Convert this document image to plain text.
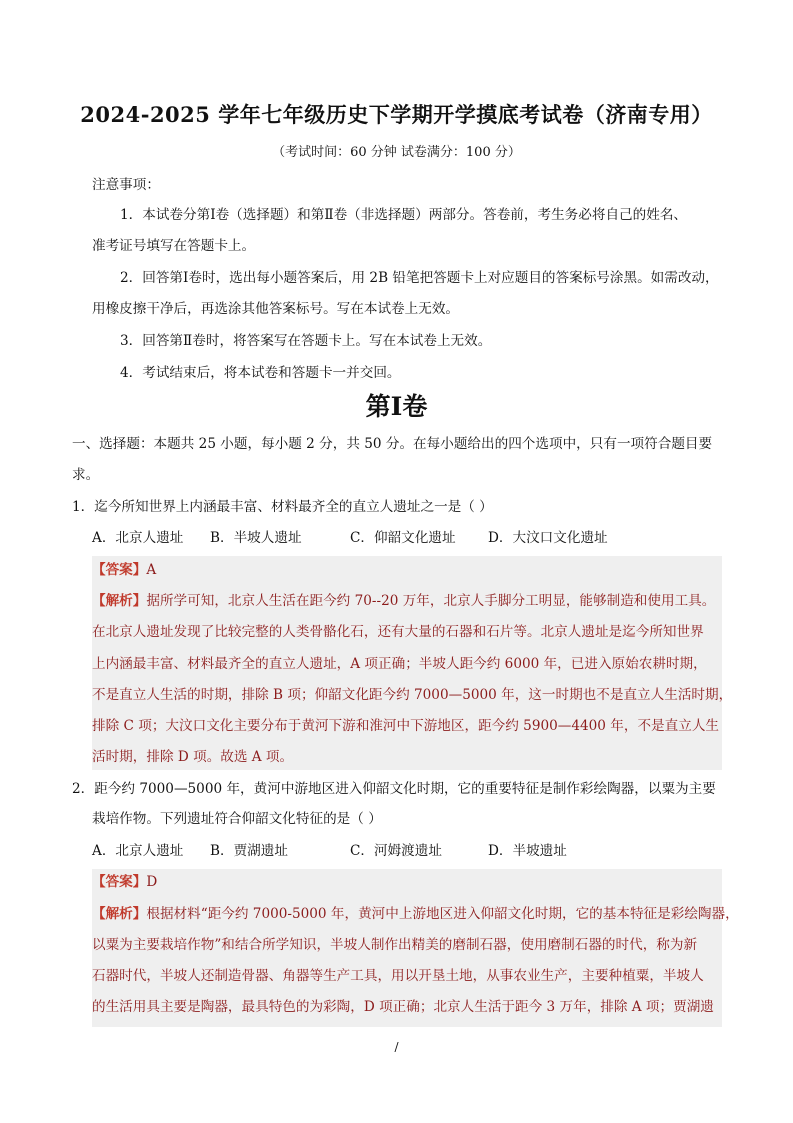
2024-2025 学年七年级历史下学期开学摸底考试卷（济南专用）
（考试时间：60 分钟 试卷满分：100 分）
注意事项：
1．本试卷分第Ⅰ卷（选择题）和第Ⅱ卷（非选择题）两部分。答卷前，考生务必将自己的姓名、
准考证号填写在答题卡上。
2．回答第Ⅰ卷时，选出每小题答案后，用 2B 铅笔把答题卡上对应题目的答案标号涂黑。如需改动，
用橡皮擦干净后，再选涂其他答案标号。写在本试卷上无效。
3．回答第Ⅱ卷时，将答案写在答题卡上。写在本试卷上无效。
4．考试结束后，将本试卷和答题卡一并交回。
第Ⅰ卷
一、选择题：本题共 25 小题，每小题 2 分，共 50 分。在每小题给出的四个选项中，只有一项符合题目要
求。
1．迄今所知世界上内涵最丰富、材料最齐全的直立人遗址之一是（ ）
A．北京人遗址 B．半坡人遗址	C．仰韶文化遗址 D．大汶口文化遗址
【答案】A
【解析】据所学可知，北京人生活在距今约 70--20 万年，北京人手脚分工明显，能够制造和使用工具。
在北京人遗址发现了比较完整的人类骨骼化石，还有大量的石器和石片等。北京人遗址是迄今所知世界
上内涵最丰富、材料最齐全的直立人遗址，A 项正确；半坡人距今约 6000 年，已进入原始农耕时期，
不是直立人生活的时期，排除 B 项；仰韶文化距今约 7000—5000 年，这一时期也不是直立人生活时期，
排除 C 项；大汶口文化主要分布于黄河下游和淮河中下游地区，距今约 5900—4400 年，不是直立人生
活时期，排除 D 项。故选 A 项。
2．距今约 7000—5000 年，黄河中游地区进入仰韶文化时期，它的重要特征是制作彩绘陶器，以粟为主要
栽培作物。下列遗址符合仰韶文化特征的是（ ）
A．北京人遗址 B．贾湖遗址	C．河姆渡遗址	D．半坡遗址
【答案】D
【解析】根据材料“距今约 7000-5000 年，黄河中上游地区进入仰韶文化时期，它的基本特征是彩绘陶器，
以粟为主要栽培作物”和结合所学知识，半坡人制作出精美的磨制石器，使用磨制石器的时代，称为新
石器时代，半坡人还制造骨器、角器等生产工具，用以开垦土地，从事农业生产，主要种植粟，半坡人
的生活用具主要是陶器，最具特色的为彩陶，D 项正确；北京人生活于距今 3 万年，排除 A 项；贾湖遗
/
